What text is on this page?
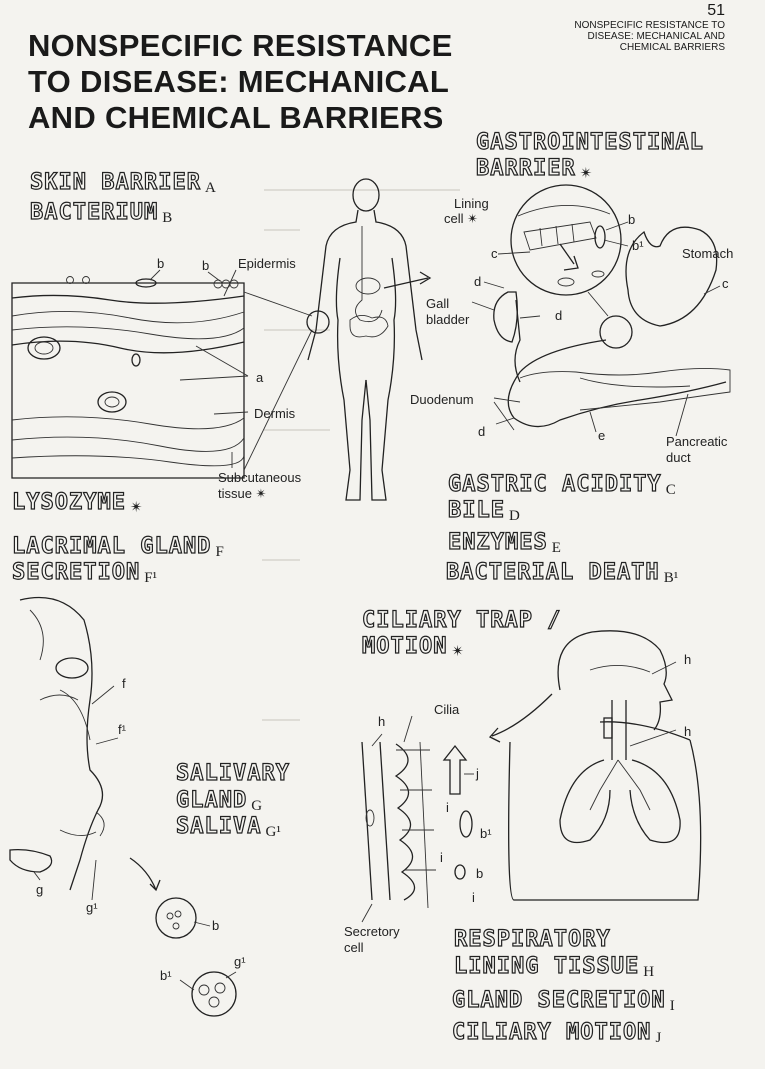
51
NONSPECIFIC RESISTANCE TO DISEASE: MECHANICAL AND CHEMICAL BARRIERS
NONSPECIFIC RESISTANCE
TO DISEASE: MECHANICAL
AND CHEMICAL BARRIERS
SKIN BARRIER $_A$
BACTERIUM $_B$
GASTROINTESTINAL
BARRIER $_✴$
GASTRIC ACIDITY $_C$
BILE $_D$
ENZYMES $_E$
BACTERIAL DEATH $_{B^1}$
LYSOZYME $_✴$
LACRIMAL GLAND $_F$
SECRETION $_{F^1}$
CILIARY TRAP /
MOTION $_✴$
SALIVARY
GLAND $_G$
SALIVA $_{G^1}$
RESPIRATORY
LINING TISSUE $_H$
GLAND SECRETION $_I$
CILIARY MOTION $_J$
b	b Epidermis
a
Dermis
Subcutaneous
tissue ✴
Lining
cell ✴	b
b¹
c	Stomach
c
d
Gall
bladder	d
Duodenum
d	e	Pancreatic
duct
f
f¹
g
g¹
b
g¹
b¹
h
Cilia
j
i
b¹
i
b
i
Secretory
cell
h
h
